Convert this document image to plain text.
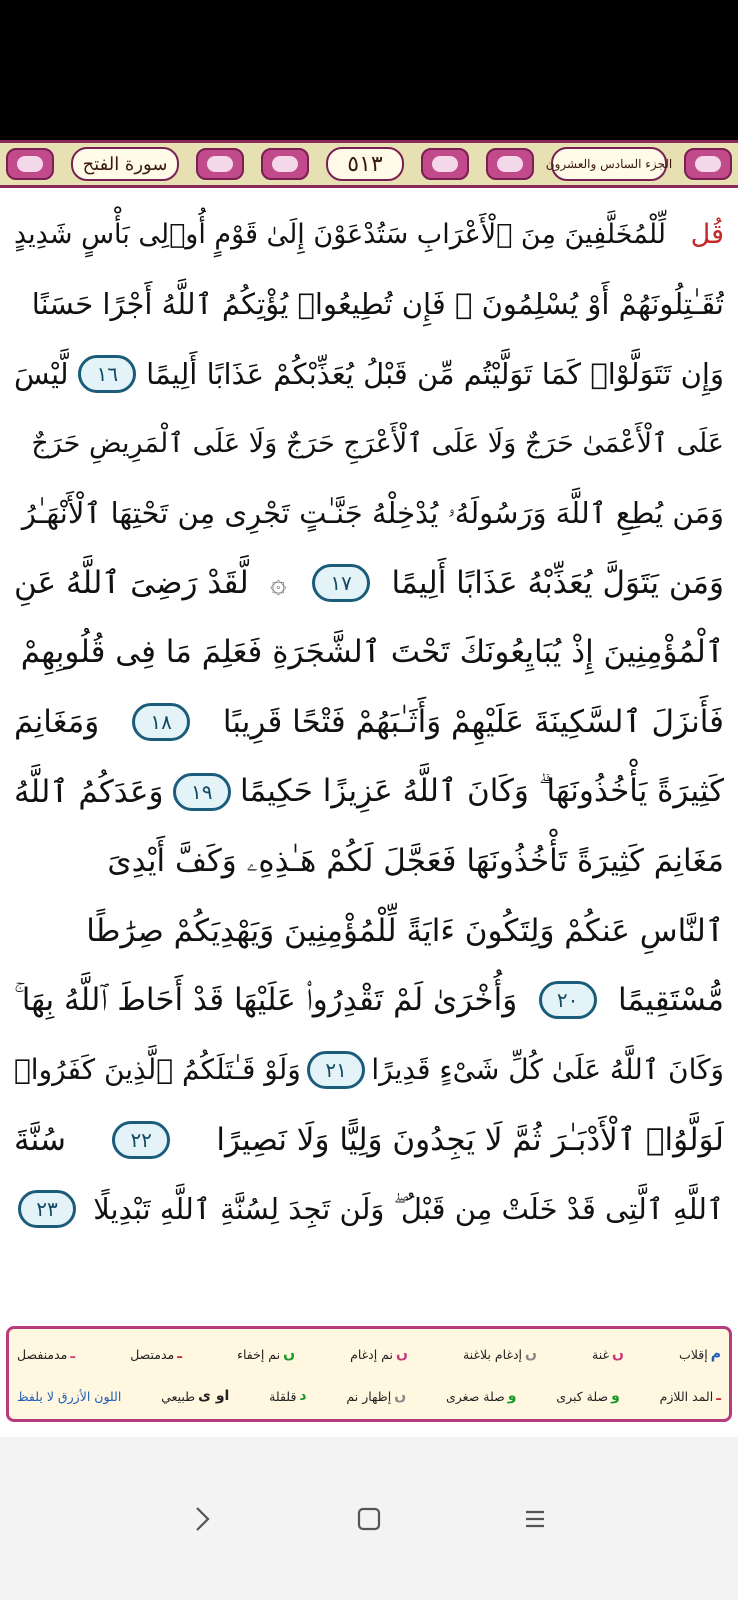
سورة الفتح	٥١٣	الجزء السادس والعشرون
قُل
لِّلْمُخَلَّفِينَ مِنَ ٱلْأَعْرَابِ سَتُدْعَوْنَ إِلَىٰ قَوْمٍ أُو۟لِى بَأْسٍ شَدِيدٍ
تُقَـٰتِلُونَهُمْ أَوْ يُسْلِمُونَ ۖ فَإِن تُطِيعُوا۟ يُؤْتِكُمُ ٱللَّهُ أَجْرًا حَسَنًا
وَإِن تَتَوَلَّوْا۟ كَمَا تَوَلَّيْتُم مِّن قَبْلُ يُعَذِّبْكُمْ عَذَابًا أَلِيمًا
١٦
لَّيْسَ
عَلَى ٱلْأَعْمَىٰ حَرَجٌ وَلَا عَلَى ٱلْأَعْرَجِ حَرَجٌ وَلَا عَلَى ٱلْمَرِيضِ حَرَجٌ
وَمَن يُطِعِ ٱللَّهَ وَرَسُولَهُۥ يُدْخِلْهُ جَنَّـٰتٍ تَجْرِى مِن تَحْتِهَا ٱلْأَنْهَـٰرُ
وَمَن يَتَوَلَّ يُعَذِّبْهُ عَذَابًا أَلِيمًا
١٧
۞
لَّقَدْ رَضِىَ ٱللَّهُ عَنِ
ٱلْمُؤْمِنِينَ إِذْ يُبَايِعُونَكَ تَحْتَ ٱلشَّجَرَةِ فَعَلِمَ مَا فِى قُلُوبِهِمْ
فَأَنزَلَ ٱلسَّكِينَةَ عَلَيْهِمْ وَأَثَـٰبَهُمْ فَتْحًا قَرِيبًا
١٨
وَمَغَانِمَ
كَثِيرَةً يَأْخُذُونَهَا ۗ وَكَانَ ٱللَّهُ عَزِيزًا حَكِيمًا
١٩
وَعَدَكُمُ ٱللَّهُ
مَغَانِمَ كَثِيرَةً تَأْخُذُونَهَا فَعَجَّلَ لَكُمْ هَـٰذِهِۦ وَكَفَّ أَيْدِىَ
ٱلنَّاسِ عَنكُمْ وَلِتَكُونَ ءَايَةً لِّلْمُؤْمِنِينَ وَيَهْدِيَكُمْ صِرَٰطًا
مُّسْتَقِيمًا
٢٠
وَأُخْرَىٰ لَمْ تَقْدِرُوا۟ عَلَيْهَا قَدْ أَحَاطَ ٱللَّهُ بِهَا ۚ
وَكَانَ ٱللَّهُ عَلَىٰ كُلِّ شَىْءٍ قَدِيرًا
٢١
وَلَوْ قَـٰتَلَكُمُ ٱلَّذِينَ كَفَرُوا۟
لَوَلَّوُا۟ ٱلْأَدْبَـٰرَ ثُمَّ لَا يَجِدُونَ وَلِيًّا وَلَا نَصِيرًا
٢٢
سُنَّةَ
ٱللَّهِ ٱلَّتِى قَدْ خَلَتْ مِن قَبْلُ ۖ وَلَن تَجِدَ لِسُنَّةِ ٱللَّهِ تَبْدِيلًا
٢٣
م
إقلاب
ں
غنة
ں
إدغام بلاغنة
ں
نم إدغام
ں
نم إخفاء
ـ
مدمتصل
ـ
مدمنفصل
ـ
المد اللازم
و
صلة كبرى
و
صلة صغرى
ں
إظهار نم
د
قلقلة
او ى
طبيعي
اللون الأزرق لا يلفظ
